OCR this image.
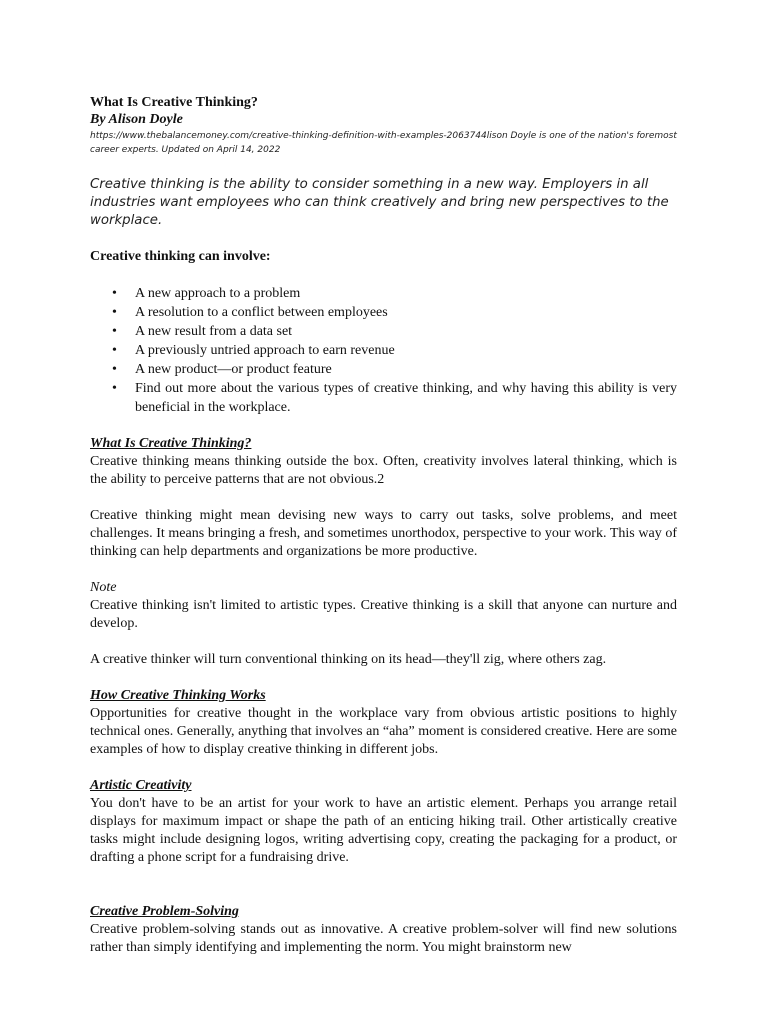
What Is Creative Thinking?

By Alison Doyle

https://www.thebalancemoney.com/creative-thinking-definition-with-examples-2063744lison Doyle is one of the nation's foremost career experts. Updated on April 14, 2022

Creative thinking is the ability to consider something in a new way. Employers in all industries want employees who can think creatively and bring new perspectives to the workplace.

Creative thinking can involve:

• A new approach to a problem
• A resolution to a conflict between employees
• A new result from a data set
• A previously untried approach to earn revenue
• A new product—or product feature
• Find out more about the various types of creative thinking, and why having this ability is very beneficial in the workplace.

What Is Creative Thinking?

Creative thinking means thinking outside the box. Often, creativity involves lateral thinking, which is the ability to perceive patterns that are not obvious.2

Creative thinking might mean devising new ways to carry out tasks, solve problems, and meet challenges. It means bringing a fresh, and sometimes unorthodox, perspective to your work. This way of thinking can help departments and organizations be more productive.

Note

Creative thinking isn't limited to artistic types. Creative thinking is a skill that anyone can nurture and develop.

A creative thinker will turn conventional thinking on its head—they'll zig, where others zag.

How Creative Thinking Works

Opportunities for creative thought in the workplace vary from obvious artistic positions to highly technical ones. Generally, anything that involves an “aha” moment is considered creative. Here are some examples of how to display creative thinking in different jobs.

Artistic Creativity

You don't have to be an artist for your work to have an artistic element. Perhaps you arrange retail displays for maximum impact or shape the path of an enticing hiking trail. Other artistically creative tasks might include designing logos, writing advertising copy, creating the packaging for a product, or drafting a phone script for a fundraising drive.

Creative Problem-Solving

Creative problem-solving stands out as innovative. A creative problem-solver will find new solutions rather than simply identifying and implementing the norm. You might brainstorm new
